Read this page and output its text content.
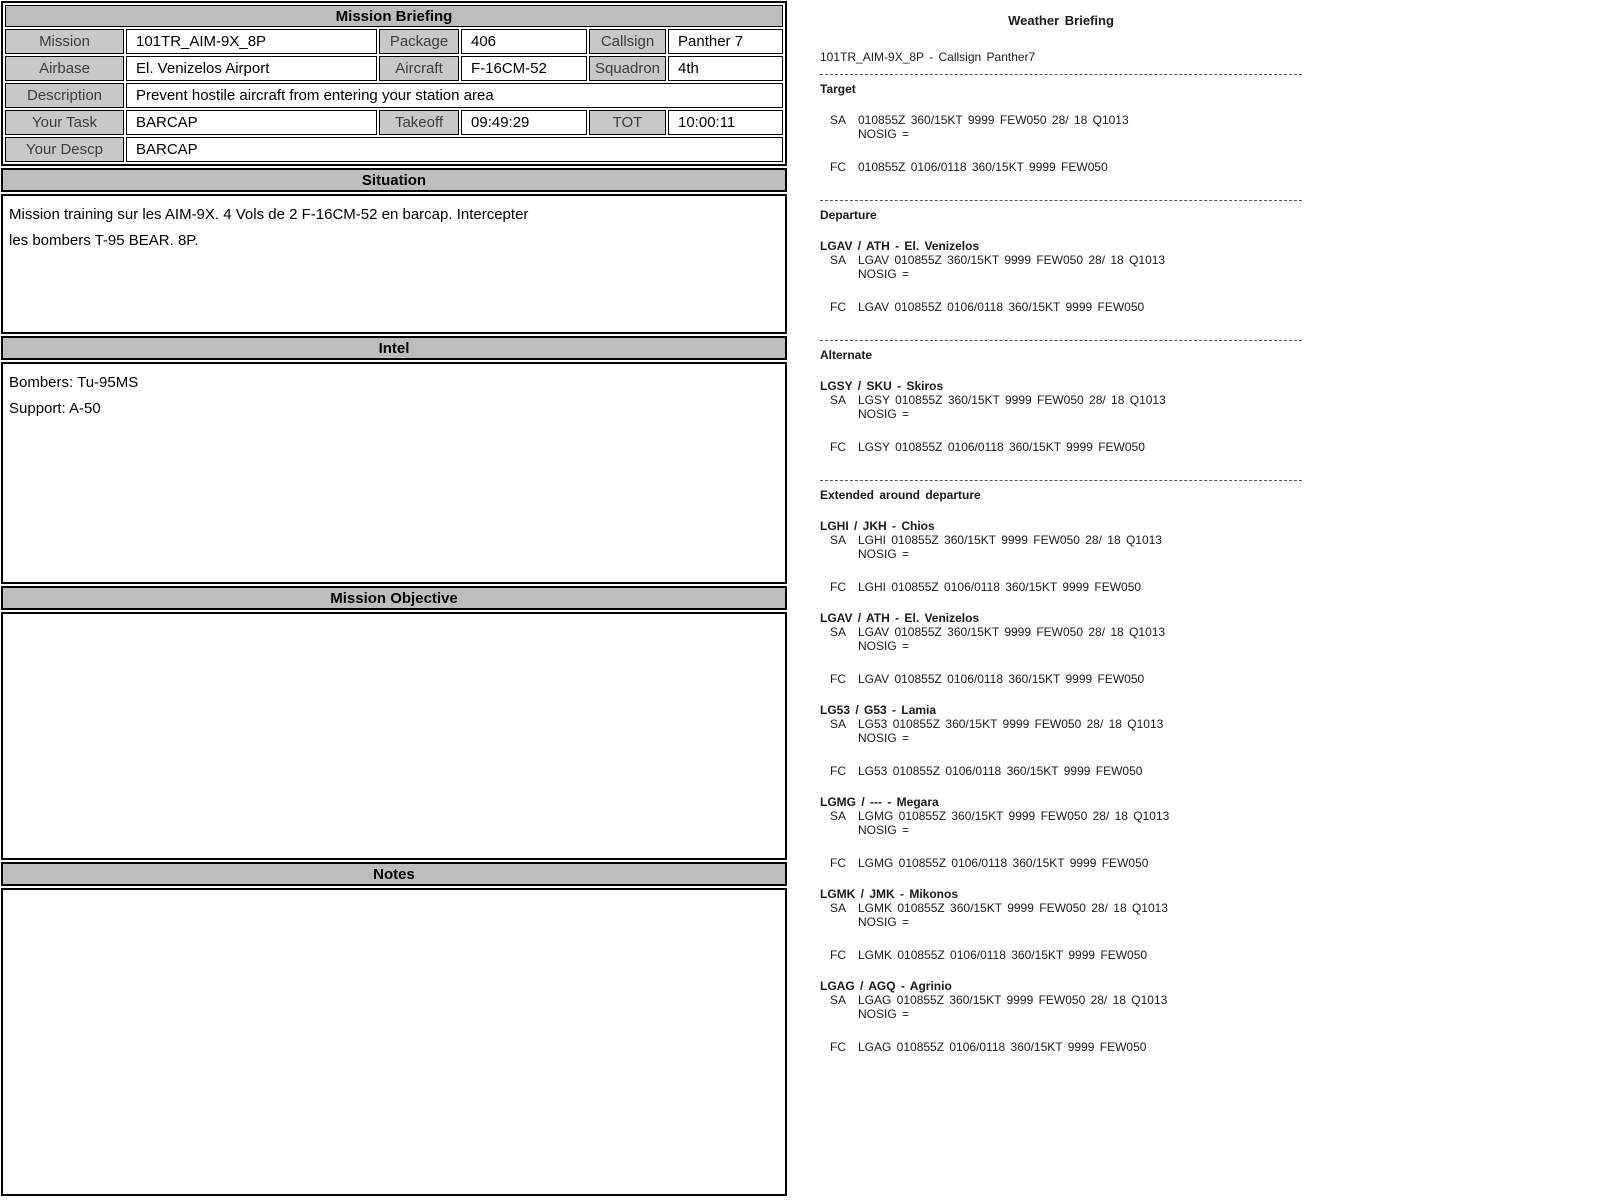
Mission Briefing
Mission	101TR_AIM-9X_8P	Package	406	Callsign	Panther 7
Airbase	El. Venizelos Airport	Aircraft	F-16CM-52	Squadron	4th
Description	Prevent hostile aircraft from entering your station area
Your Task	BARCAP	Takeoff	09:49:29	TOT	10:00:11
Your Descp	BARCAP
Situation
Mission training sur les AIM-9X. 4 Vols de 2 F-16CM-52 en barcap. Intercepter
les bombers T-95 BEAR. 8P.
Intel
Bombers: Tu-95MS
Support: A-50
Mission Objective
Notes
Weather Briefing
101TR_AIM-9X_8P - Callsign Panther7
Target
SA 010855Z 360/15KT 9999 FEW050 28/ 18 Q1013
NOSIG =
FC	010855Z 0106/0118 360/15KT 9999 FEW050
Departure
LGAV / ATH - El. Venizelos
SA LGAV 010855Z 360/15KT 9999 FEW050 28/ 18 Q1013
NOSIG =
FC	LGAV 010855Z 0106/0118 360/15KT 9999 FEW050
Alternate
LGSY / SKU - Skiros
SA LGSY 010855Z 360/15KT 9999 FEW050 28/ 18 Q1013
NOSIG =
FC	LGSY 010855Z 0106/0118 360/15KT 9999 FEW050
Extended around departure
LGHI / JKH - Chios
SA LGHI 010855Z 360/15KT 9999 FEW050 28/ 18 Q1013
NOSIG =
FC	LGHI 010855Z 0106/0118 360/15KT 9999 FEW050
LGAV / ATH - El. Venizelos
SA LGAV 010855Z 360/15KT 9999 FEW050 28/ 18 Q1013
NOSIG =
FC	LGAV 010855Z 0106/0118 360/15KT 9999 FEW050
LG53 / G53 - Lamia
SA LG53 010855Z 360/15KT 9999 FEW050 28/ 18 Q1013
NOSIG =
FC	LG53 010855Z 0106/0118 360/15KT 9999 FEW050
LGMG / --- - Megara
SA LGMG 010855Z 360/15KT 9999 FEW050 28/ 18 Q1013
NOSIG =
FC	LGMG 010855Z 0106/0118 360/15KT 9999 FEW050
LGMK / JMK - Mikonos
SA LGMK 010855Z 360/15KT 9999 FEW050 28/ 18 Q1013
NOSIG =
FC	LGMK 010855Z 0106/0118 360/15KT 9999 FEW050
LGAG / AGQ - Agrinio
SA LGAG 010855Z 360/15KT 9999 FEW050 28/ 18 Q1013
NOSIG =
FC	LGAG 010855Z 0106/0118 360/15KT 9999 FEW050
